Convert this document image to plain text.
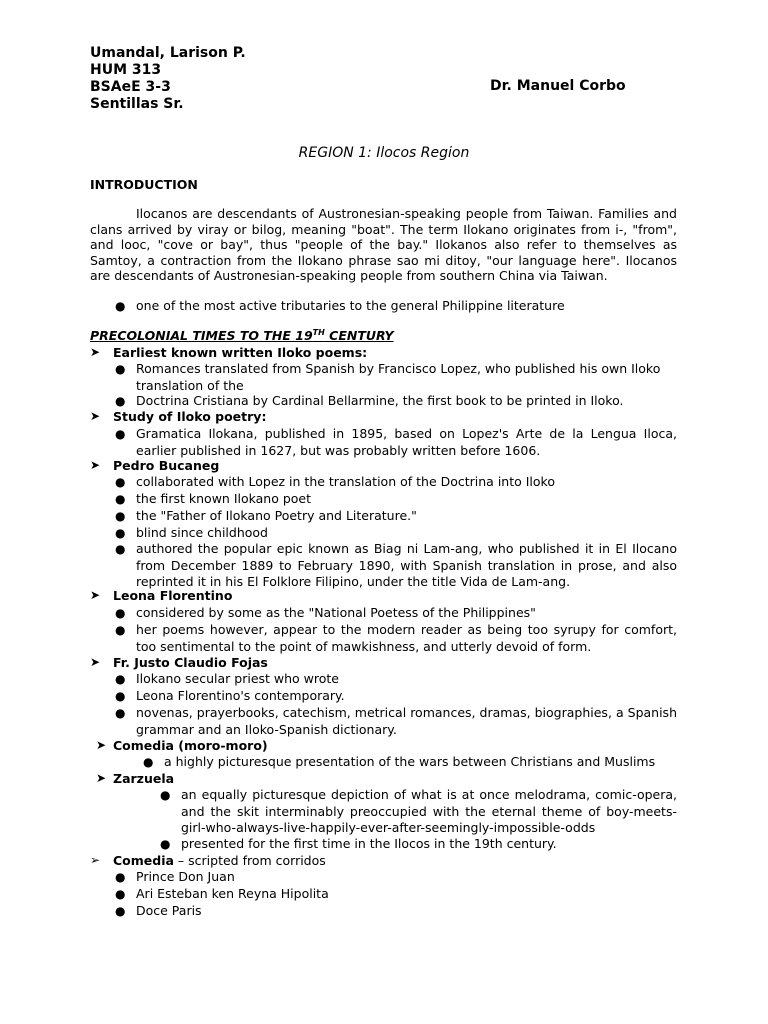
Umandal, Larison P.
HUM 313
BSAeE 3-3
Sentillas Sr.
Dr. Manuel Corbo
REGION 1: Ilocos Region
INTRODUCTION
Ilocanos are descendants of Austronesian-speaking people from Taiwan. Families and clans arrived by viray or bilog, meaning "boat". The term Ilokano originates from i-, "from", and looc, "cove or bay", thus "people of the bay." Ilokanos also refer to themselves as Samtoy, a contraction from the Ilokano phrase sao mi ditoy, "our language here". Ilocanos are descendants of Austronesian-speaking people from southern China via Taiwan.
● one of the most active tributaries to the general Philippine literature
PRECOLONIAL TIMES TO THE 19TH CENTURY
➤ Earliest known written Iloko poems:
● Romances translated from Spanish by Francisco Lopez, who published his own Iloko translation of the
● Doctrina Cristiana by Cardinal Bellarmine, the first book to be printed in Iloko.
➤ Study of Iloko poetry:
● Gramatica Ilokana, published in 1895, based on Lopez's Arte de la Lengua Iloca, earlier published in 1627, but was probably written before 1606.
➤ Pedro Bucaneg
● collaborated with Lopez in the translation of the Doctrina into Iloko
● the first known Ilokano poet
● the "Father of Ilokano Poetry and Literature."
● blind since childhood
● authored the popular epic known as Biag ni Lam-ang, who published it in El Ilocano from December 1889 to February 1890, with Spanish translation in prose, and also reprinted it in his El Folklore Filipino, under the title Vida de Lam-ang.
➤ Leona Florentino
● considered by some as the "National Poetess of the Philippines"
● her poems however, appear to the modern reader as being too syrupy for comfort, too sentimental to the point of mawkishness, and utterly devoid of form.
➤ Fr. Justo Claudio Fojas
● Ilokano secular priest who wrote
● Leona Florentino's contemporary.
● novenas, prayerbooks, catechism, metrical romances, dramas, biographies, a Spanish grammar and an Iloko-Spanish dictionary.
➤ Comedia (moro-moro)
● a highly picturesque presentation of the wars between Christians and Muslims
➤ Zarzuela
● an equally picturesque depiction of what is at once melodrama, comic-opera, and the skit interminably preoccupied with the eternal theme of boy-meets-girl-who-always-live-happily-ever-after-seemingly-impossible-odds
● presented for the first time in the Ilocos in the 19th century.
➢ Comedia – scripted from corridos
● Prince Don Juan
● Ari Esteban ken Reyna Hipolita
● Doce Paris
